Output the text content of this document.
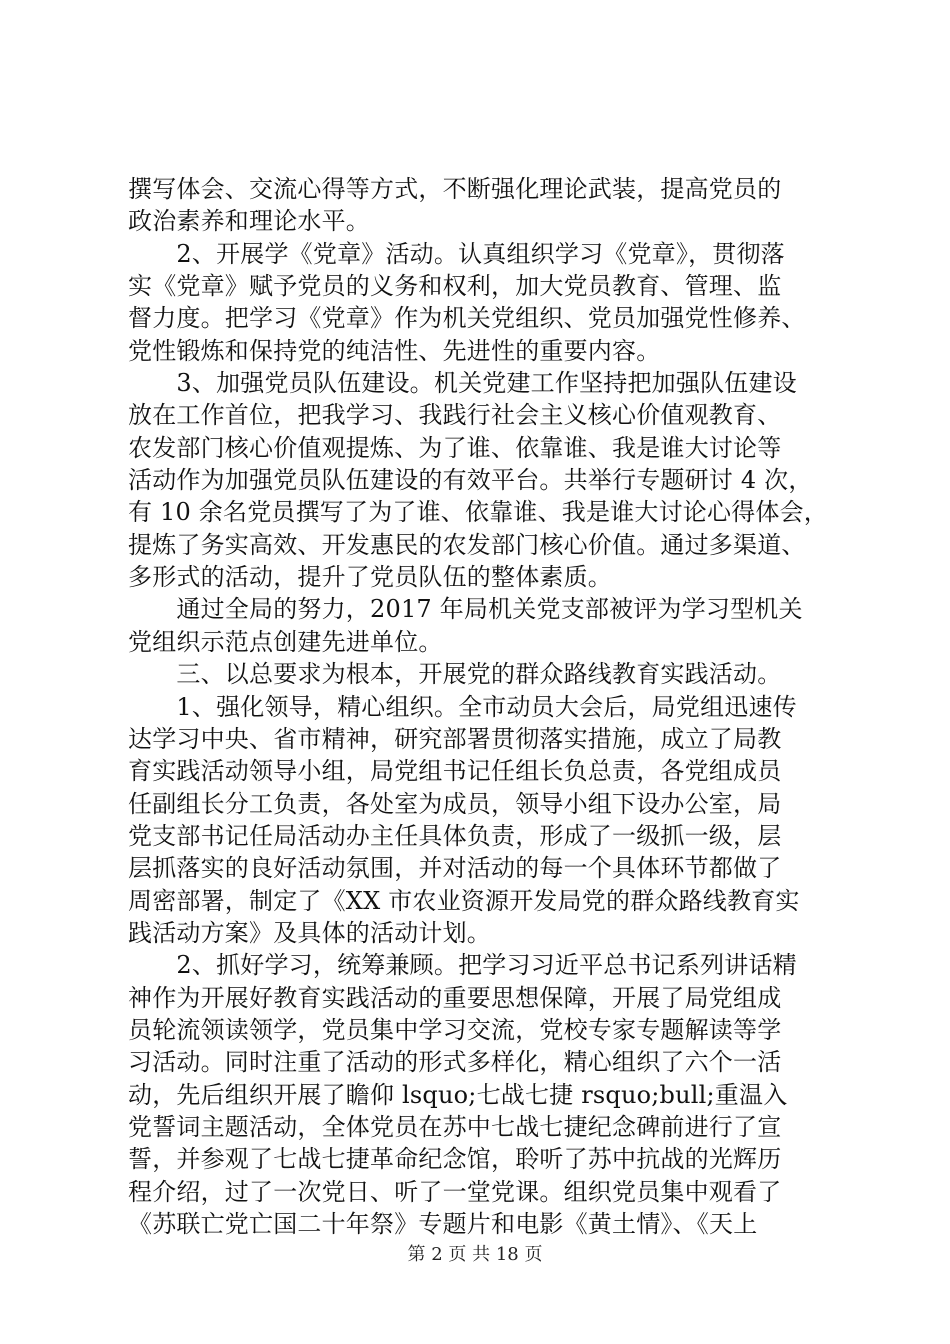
撰写体会、交流心得等方式，不断强化理论武装，提高党员的
政治素养和理论水平。
　　2、开展学《党章》活动。认真组织学习《党章》，贯彻落
实《党章》赋予党员的义务和权利，加大党员教育、管理、监
督力度。把学习《党章》作为机关党组织、党员加强党性修养、
党性锻炼和保持党的纯洁性、先进性的重要内容。
　　3、加强党员队伍建设。机关党建工作坚持把加强队伍建设
放在工作首位，把我学习、我践行社会主义核心价值观教育、
农发部门核心价值观提炼、为了谁、依靠谁、我是谁大讨论等
活动作为加强党员队伍建设的有效平台。共举行专题研讨 4 次，
有 10 余名党员撰写了为了谁、依靠谁、我是谁大讨论心得体会，
提炼了务实高效、开发惠民的农发部门核心价值。通过多渠道、
多形式的活动，提升了党员队伍的整体素质。
　　通过全局的努力，2017 年局机关党支部被评为学习型机关
党组织示范点创建先进单位。
　　三、以总要求为根本，开展党的群众路线教育实践活动。
　　1、强化领导，精心组织。全市动员大会后，局党组迅速传
达学习中央、省市精神，研究部署贯彻落实措施，成立了局教
育实践活动领导小组，局党组书记任组长负总责，各党组成员
任副组长分工负责，各处室为成员，领导小组下设办公室，局
党支部书记任局活动办主任具体负责，形成了一级抓一级，层
层抓落实的良好活动氛围，并对活动的每一个具体环节都做了
周密部署，制定了《XX 市农业资源开发局党的群众路线教育实
践活动方案》及具体的活动计划。
　　2、抓好学习，统筹兼顾。把学习习近平总书记系列讲话精
神作为开展好教育实践活动的重要思想保障，开展了局党组成
员轮流领读领学，党员集中学习交流，党校专家专题解读等学
习活动。同时注重了活动的形式多样化，精心组织了六个一活
动，先后组织开展了瞻仰 lsquo;七战七捷 rsquo;bull;重温入
党誓词主题活动，全体党员在苏中七战七捷纪念碑前进行了宣
誓，并参观了七战七捷革命纪念馆，聆听了苏中抗战的光辉历
程介绍，过了一次党日、听了一堂党课。组织党员集中观看了
《苏联亡党亡国二十年祭》专题片和电影《黄土情》、《天上
第 2 页 共 18 页
